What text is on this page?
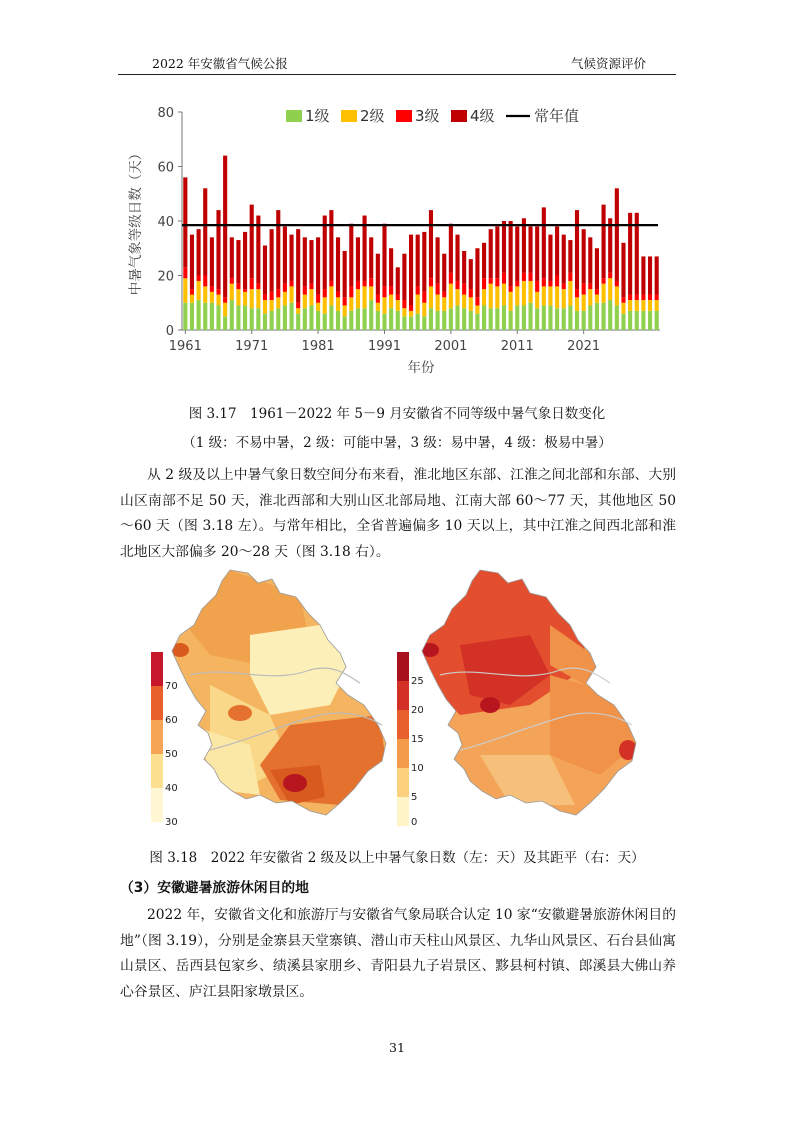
2022 年安徽省气候公报	气候资源评价
0
20
40
60
80
1961	1971	1981	1991	2001	2011	2021
年份
中暑气象等级日数（天）
1级 2级 3级 4级	常年值
图 3.17　1961－2022 年 5－9 月安徽省不同等级中暑气象日数变化
（1 级：不易中暑，2 级：可能中暑，3 级：易中暑，4 级：极易中暑）
从 2 级及以上中暑气象日数空间分布来看，淮北地区东部、江淮之间北部和东部、大别山区南部不足 50 天，淮北西部和大别山区北部局地、江南大部 60～77 天，其他地区 50～60 天（图 3.18 左）。与常年相比，全省普遍偏多 10 天以上，其中江淮之间西北部和淮北地区大部偏多 20～28 天（图 3.18 右）。
70
60
50
40
30
25
20
15
10
5
0
图 3.18　2022 年安徽省 2 级及以上中暑气象日数（左：天）及其距平（右：天）
（3）安徽避暑旅游休闲目的地
2022 年，安徽省文化和旅游厅与安徽省气象局联合认定 10 家“安徽避暑旅游休闲目的地”（图 3.19），分别是金寨县天堂寨镇、潜山市天柱山风景区、九华山风景区、石台县仙寓山景区、岳西县包家乡、绩溪县家朋乡、青阳县九子岩景区、黟县柯村镇、郎溪县大佛山养心谷景区、庐江县阳家墩景区。
31
